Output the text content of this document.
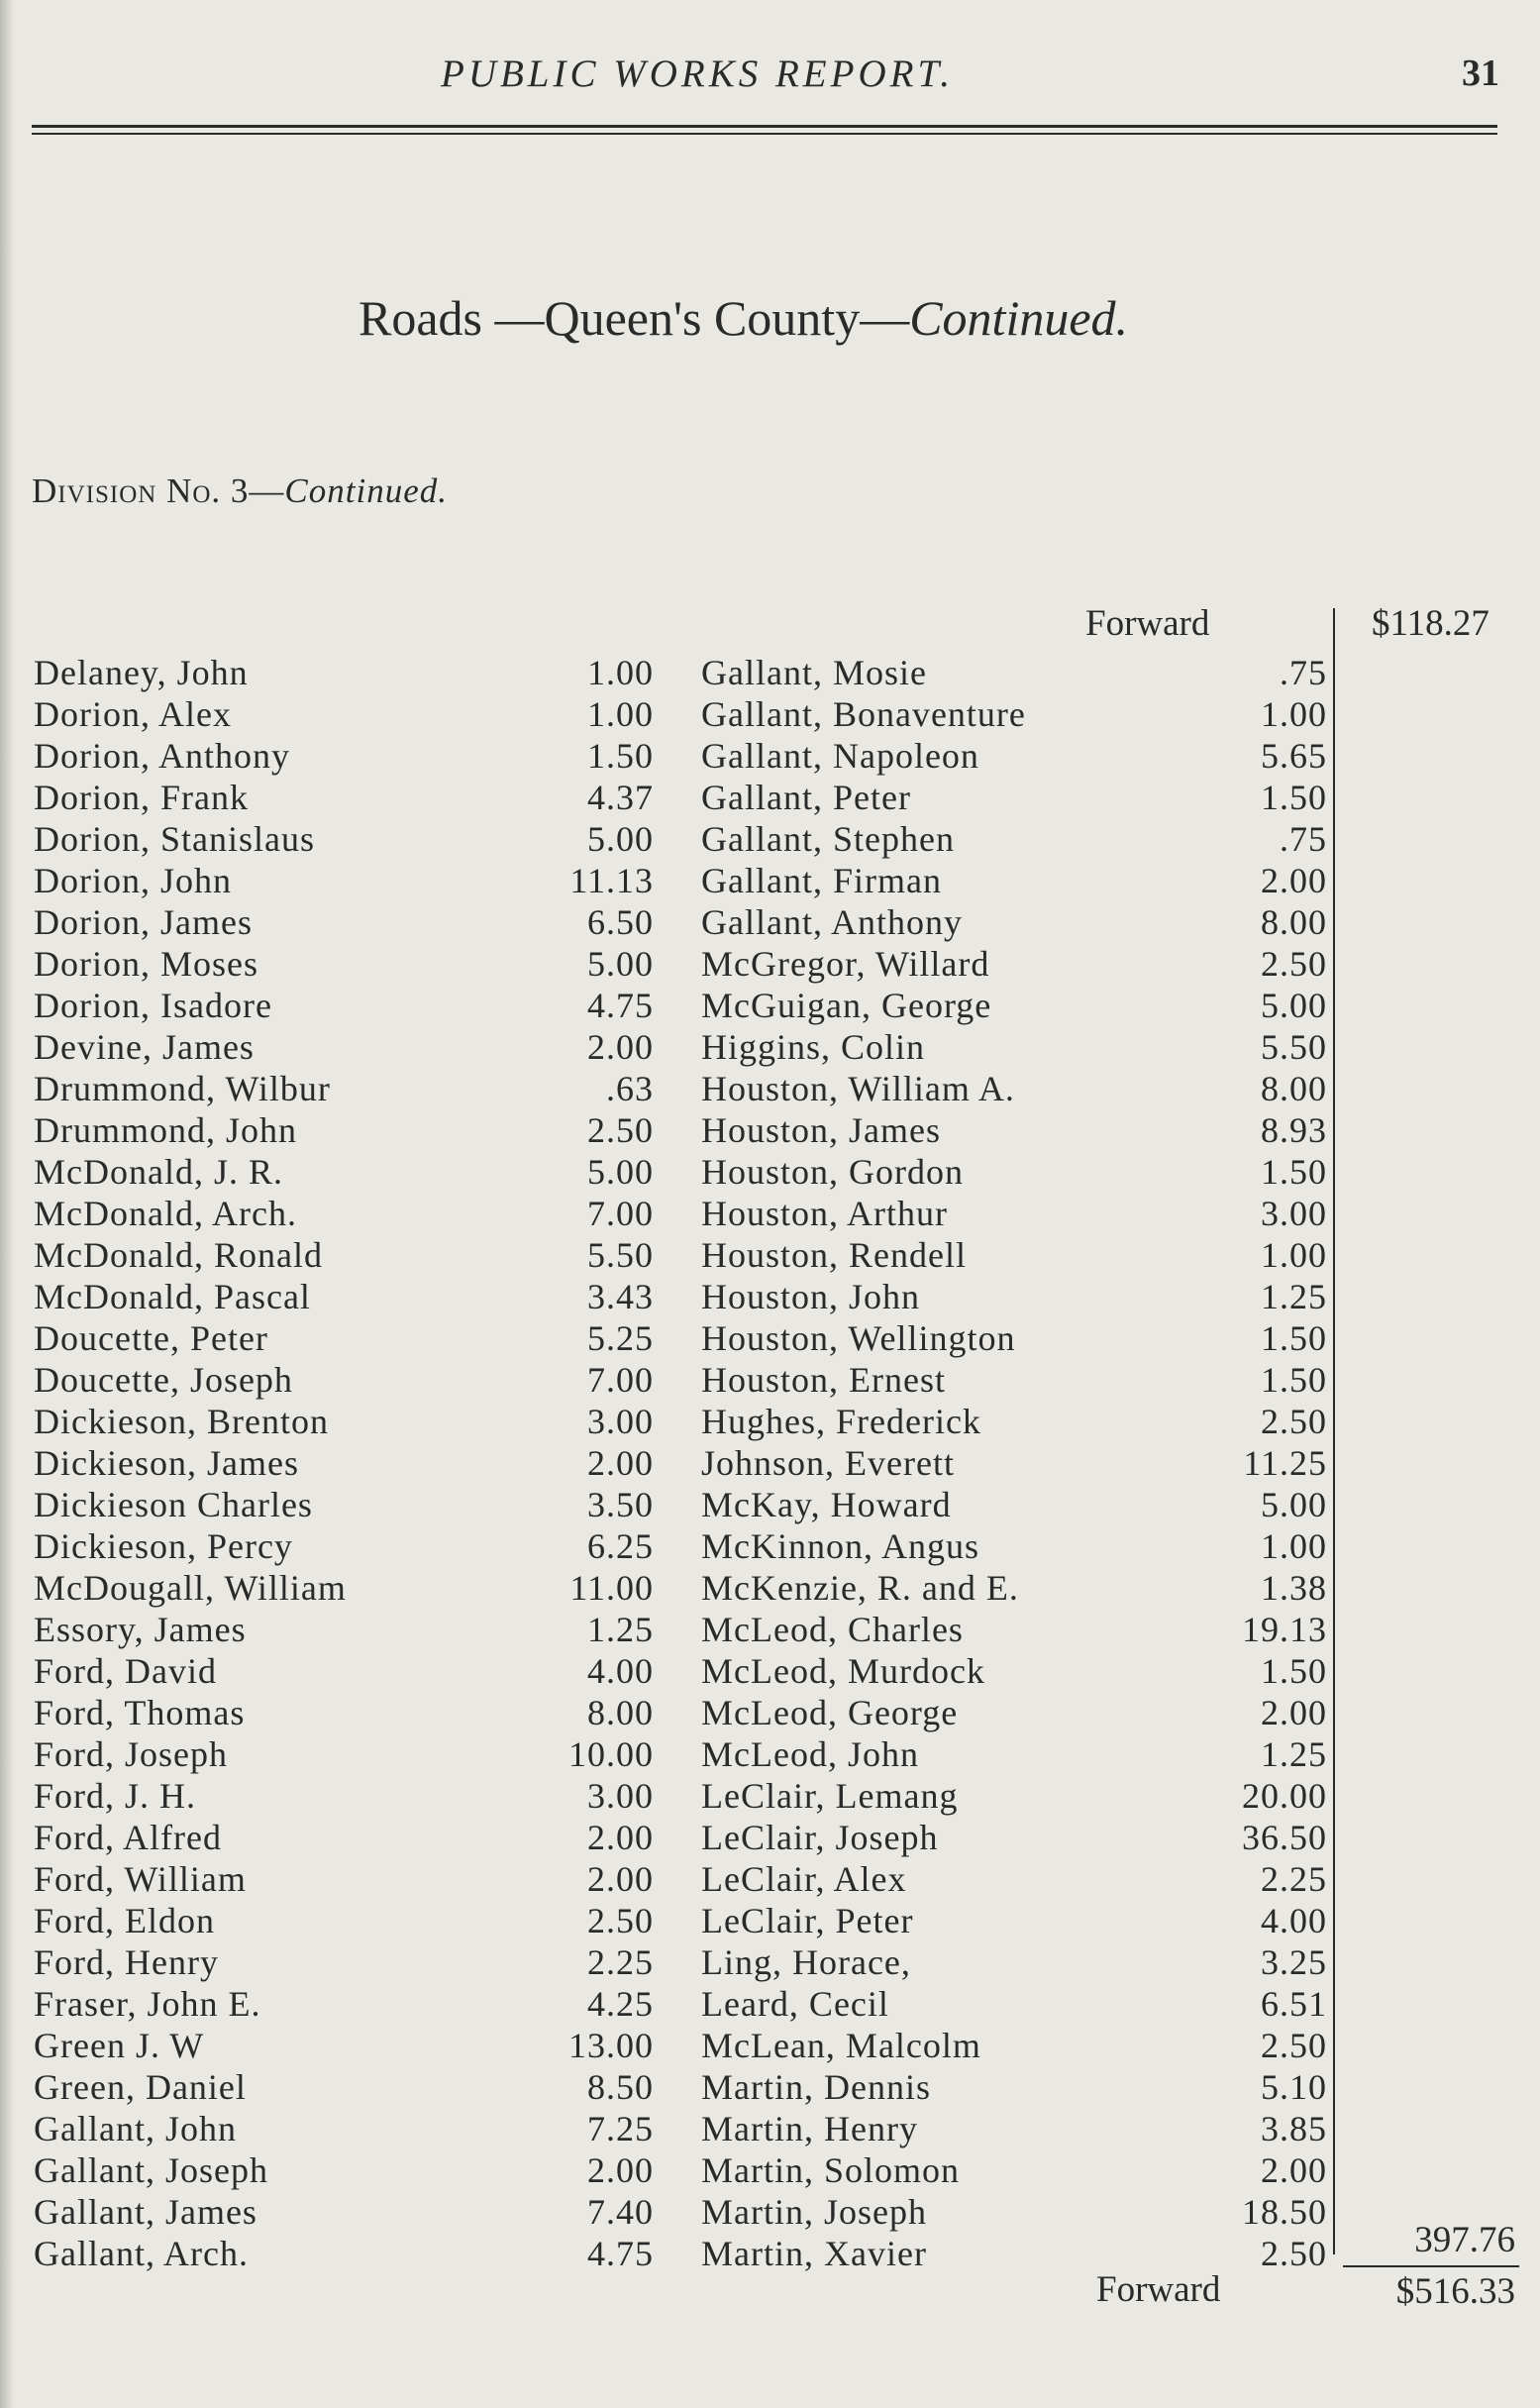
PUBLIC WORKS REPORT.	31
Roads —Queen's County—Continued.
Division No. 3—Continued.
Forward	$118.27
Delaney, John	1.00 Gallant, Mosie	.75
Dorion, Alex	1.00 Gallant, Bonaventure	1.00
Dorion, Anthony	1.50 Gallant, Napoleon	5.65
Dorion, Frank	4.37 Gallant, Peter	1.50
Dorion, Stanislaus	5.00 Gallant, Stephen	.75
Dorion, John	11.13 Gallant, Firman	2.00
Dorion, James	6.50 Gallant, Anthony	8.00
Dorion, Moses	5.00 McGregor, Willard	2.50
Dorion, Isadore	4.75 McGuigan, George	5.00
Devine, James	2.00 Higgins, Colin	5.50
Drummond, Wilbur	.63 Houston, William A.	8.00
Drummond, John	2.50 Houston, James	8.93
McDonald, J. R.	5.00 Houston, Gordon	1.50
McDonald, Arch.	7.00 Houston, Arthur	3.00
McDonald, Ronald	5.50 Houston, Rendell	1.00
McDonald, Pascal	3.43 Houston, John	1.25
Doucette, Peter	5.25 Houston, Wellington	1.50
Doucette, Joseph	7.00 Houston, Ernest	1.50
Dickieson, Brenton	3.00 Hughes, Frederick	2.50
Dickieson, James	2.00 Johnson, Everett	11.25
Dickieson Charles	3.50 McKay, Howard	5.00
Dickieson, Percy	6.25 McKinnon, Angus	1.00
McDougall, William	11.00 McKenzie, R. and E.	1.38
Essory, James	1.25 McLeod, Charles	19.13
Ford, David	4.00 McLeod, Murdock	1.50
Ford, Thomas	8.00 McLeod, George	2.00
Ford, Joseph	10.00 McLeod, John	1.25
Ford, J. H.	3.00 LeClair, Lemang	20.00
Ford, Alfred	2.00 LeClair, Joseph	36.50
Ford, William	2.00 LeClair, Alex	2.25
Ford, Eldon	2.50 LeClair, Peter	4.00
Ford, Henry	2.25 Ling, Horace,	3.25
Fraser, John E.	4.25 Leard, Cecil	6.51
Green J. W	13.00 McLean, Malcolm	2.50
Green, Daniel	8.50 Martin, Dennis	5.10
Gallant, John	7.25 Martin, Henry	3.85
Gallant, Joseph	2.00 Martin, Solomon	2.00
Gallant, James	7.40 Martin, Joseph	18.50
Gallant, Arch.	4.75 Martin, Xavier	2.50	397.76
Forward	$516.33
